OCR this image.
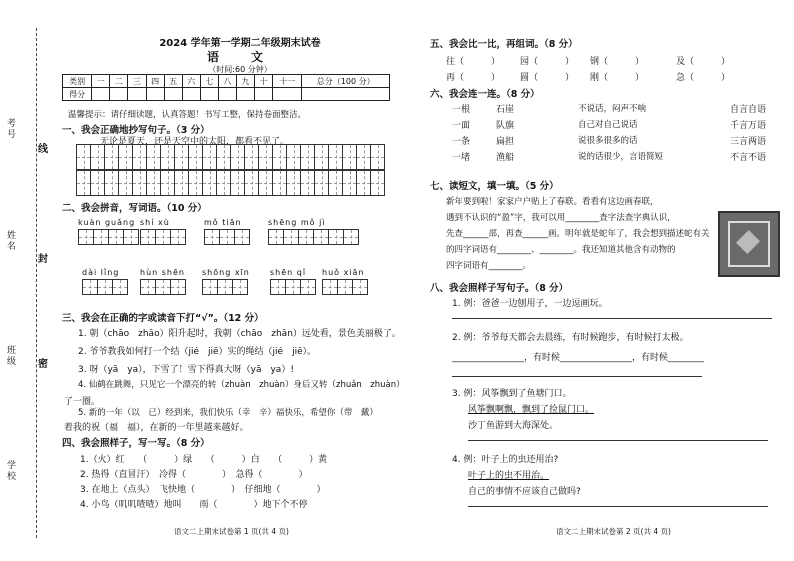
考号
姓名
班级
学校
线
封
密
2024 学年第一学期二年级期末试卷
语　文
（时间:60 分钟）
类别	一	二	三	四	五	六	七	八	九	十	十一	总分（100 分）
得分												
温馨提示：请仔细读题，认真答题！书写工整，保持卷面整洁。
一、我会正确地抄写句子。（3 分）
无论是夏天，还是天空中的太阳，都看不见了。
二、我会拼音，写词语。（10 分）
kuàn guǎng shí xù	mǒ tiān	shēng mǒ jì
dài lǐng	hùn shēn shōng xīn	shēn qǐ	huǒ xiān
三、我会在正确的字或读音下打“√”。（12 分）
1. 朝（chāo　zhāo）阳升起时，我朝（chāo　zhān）远处看，景色美丽极了。
2. 爷爷教我如何打一个结（jié　jiē）实的绳结（jié　jiē）。
3. 呀（yā　ya），下雪了！雪下得真大呀（yā　ya）!
4. 仙鹤在跳舞，只见它一个漂亮的转（zhuàn　zhuàn）身后又转（zhuǎn　zhuàn）
了一圈。
5. 新的一年（以　已）经到来，我们快乐（幸　辛）福快乐，希望你（带　戴）
着我的祝（福　福），在新的一年里越来越好。
四、我会照样子，写一写。（8 分）
1.（火）红　　（　　　）绿　　（　　　）白　　（　　　）黄
2. 热得（直冒汗）　冷得（　　　　）　急得（　　　　）
3. 在地上（点头）　飞快地（　　　　）　仔细地（　　　　）
4. 小鸟（叽叽喳喳）地叫　　雨（　　　　）地下个不停
语文二上期末试卷第 1 页(共 4 页)
五、我会比一比，再组词。（8 分）
往（　　　） 园（　　　） 钢（　　　）	及（　　　）
再（　　　） 圆（　　　） 刚（　　　）	急（　　　）
六、我会连一连。（8 分）
一根
一面
一条
一堵
石崖
队旗
扁担
渔船
不说话，闷声不响
自己对自己说话
说很多很多的话
说的话很少，言语简短
自言自语
千言万语
三言两语
不言不语
七、读短文，填一填。（5 分）
新年要到啦！家家户户贴上了春联。看看有这边画春联，
遇到不认识的“盈”字，我可以用________查字法查字典认识，
先查______部，再查______画。明年就是蛇年了，我会想到描述蛇有关
的四字词语有________、________。我还知道其他含有动物的
四字词语有________。
八、我会照样子写句子。（8 分）
1. 例：爸爸一边刨用子，一边逗画玩。
2. 例：爷爷每天都会去晨练，有时候跑步，有时候打太极。
________________，有时候________________，有时候________
3. 例：风筝飘到了鱼塘门口。
风筝飘啊飘，飘到了捡鼠门口。
沙丁鱼游到大海深处。
4. 例：叶子上的虫还用治?
叶子上的虫不用治。
自己的事情不应该自己做吗?
语文二上期末试卷第 2 页(共 4 页)
